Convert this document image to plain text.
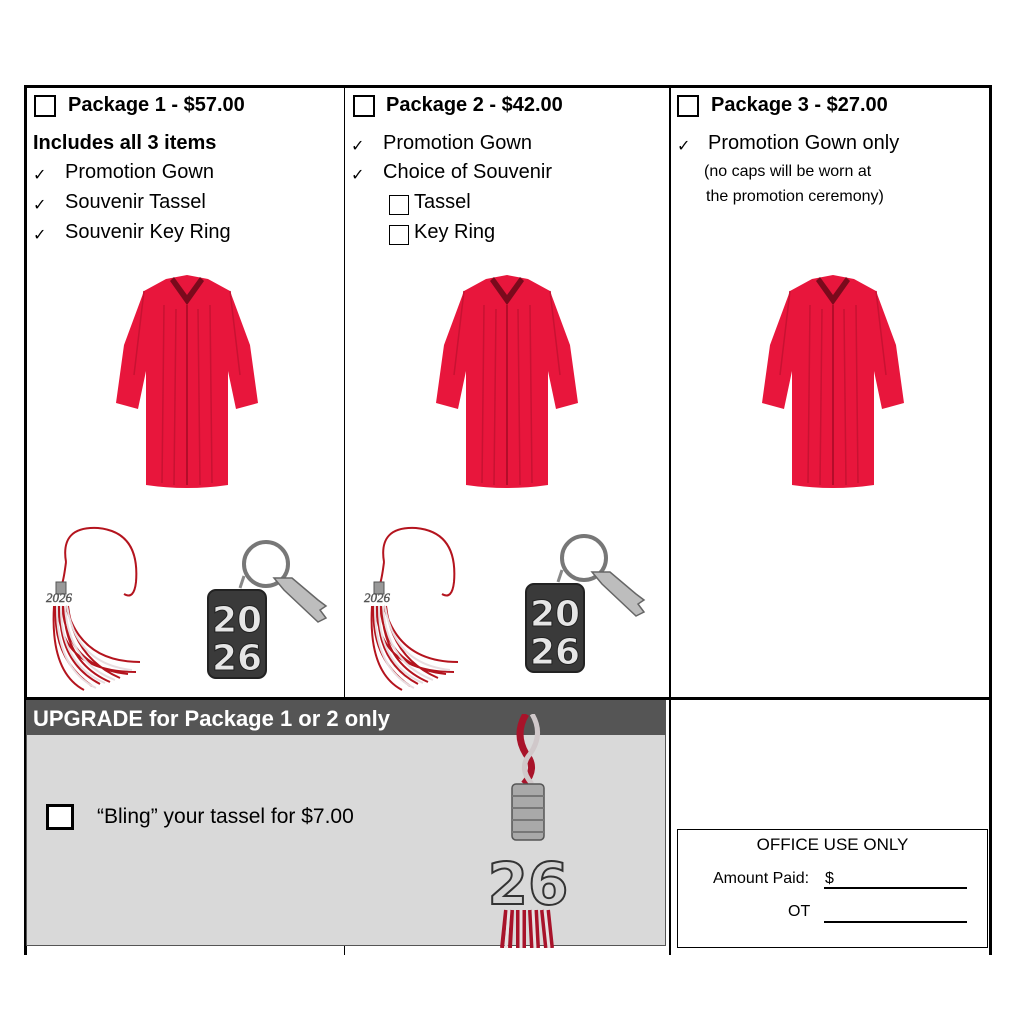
Package 1 - $57.00
Includes all 3 items
✓ Promotion Gown
✓ Souvenir Tassel
✓ Souvenir Key Ring
Package 2 - $42.00
✓ Promotion Gown
✓ Choice of Souvenir
Tassel
Key Ring
Package 3 - $27.00
✓ Promotion Gown only
(no caps will be worn at
the promotion ceremony)
2026	2026
20
26
20
26
UPGRADE for Package 1 or 2 only
“Bling” your tassel for $7.00
26
OFFICE USE ONLY
Amount Paid: $
OT
